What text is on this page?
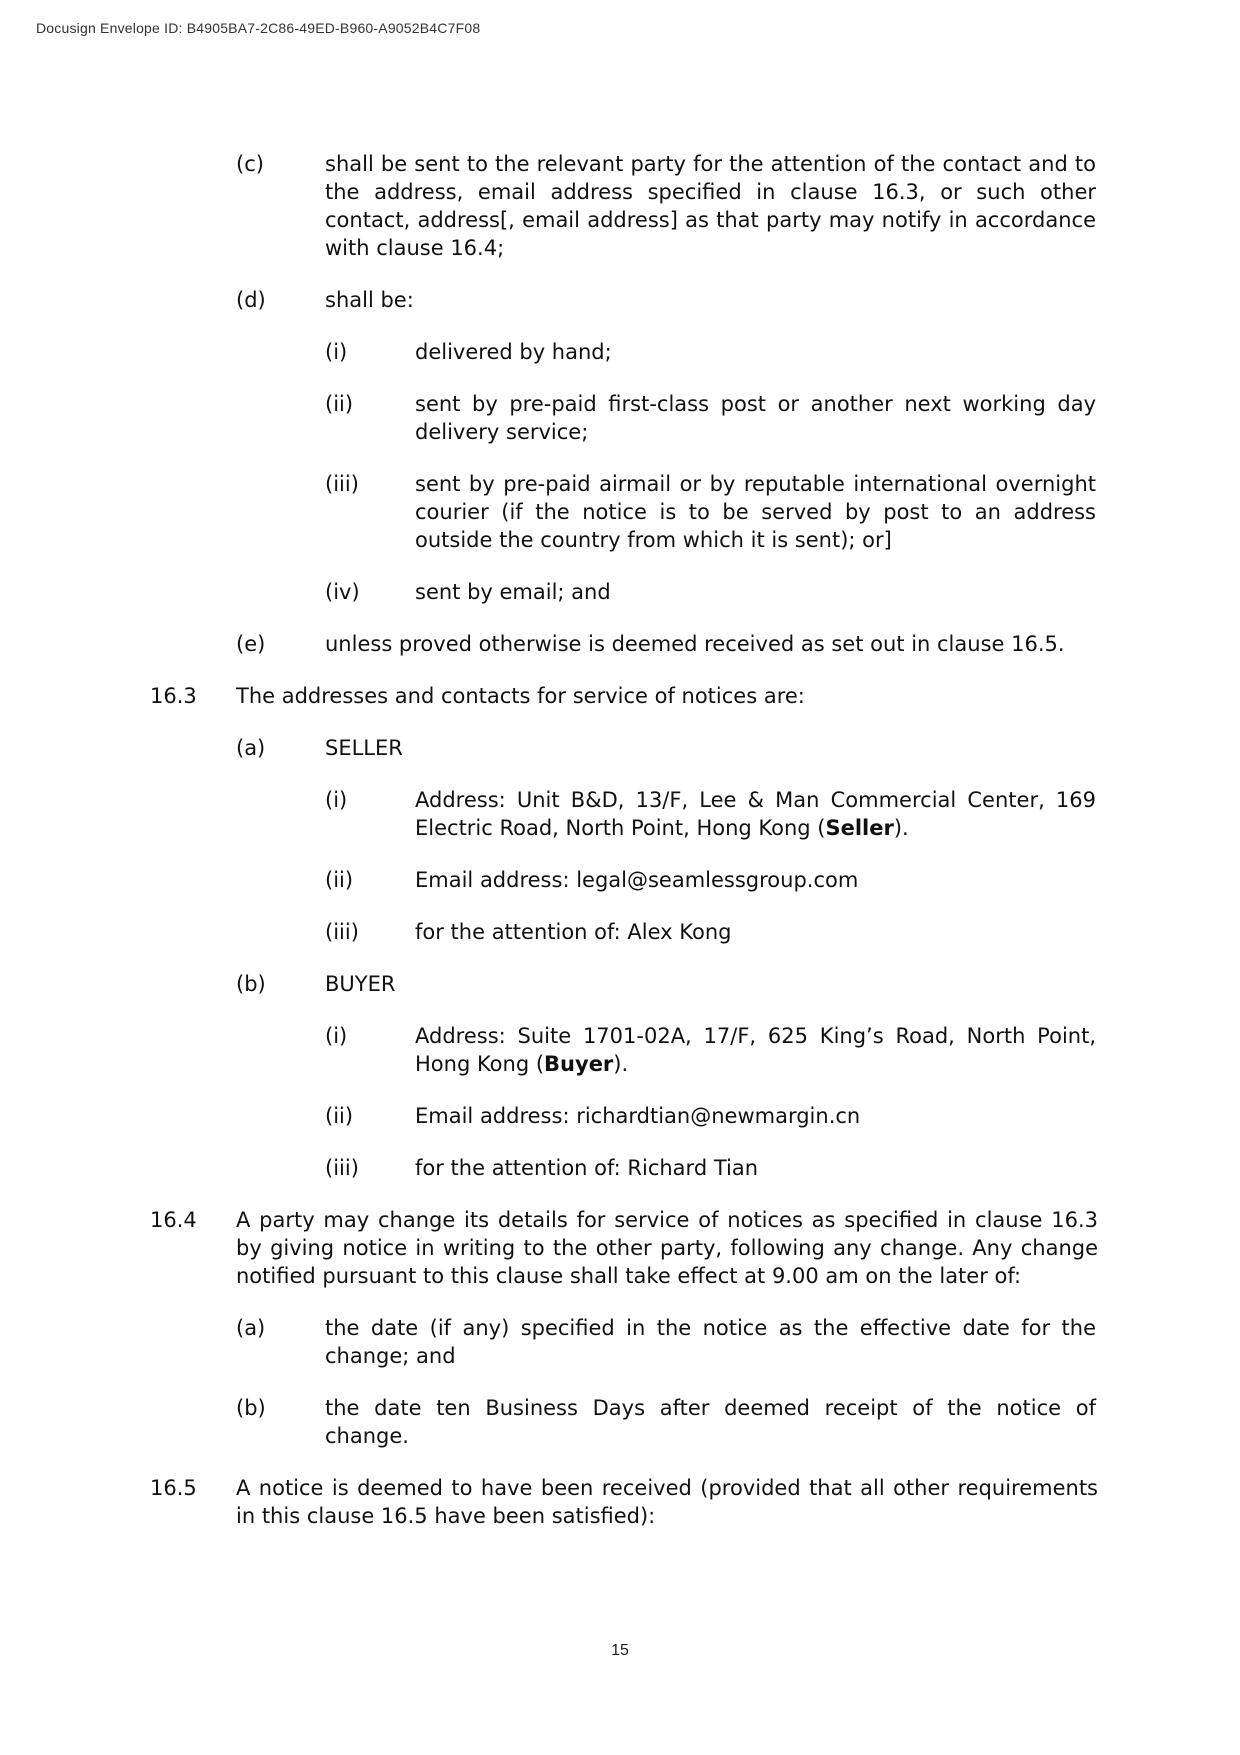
Docusign Envelope ID: B4905BA7-2C86-49ED-B960-A9052B4C7F08
(c)	shall be sent to the relevant party for the attention of the contact and to the address, email address specified in clause 16.3, or such other contact, address[, email address] as that party may notify in accordance with clause 16.4;
(d)	shall be:
(i)	delivered by hand;
(ii)	sent by pre-paid first-class post or another next working day delivery service;
(iii)	sent by pre-paid airmail or by reputable international overnight courier (if the notice is to be served by post to an address outside the country from which it is sent); or]
(iv)	sent by email; and
(e)	unless proved otherwise is deemed received as set out in clause 16.5.
16.3 The addresses and contacts for service of notices are:
(a)	SELLER
(i)	Address: Unit B&D, 13/F, Lee & Man Commercial Center, 169 Electric Road, North Point, Hong Kong (Seller).
(ii)	Email address: legal@seamlessgroup.com
(iii)	for the attention of: Alex Kong
(b)	BUYER
(i)	Address: Suite 1701-02A, 17/F, 625 King’s Road, North Point, Hong Kong (Buyer).
(ii)	Email address: richardtian@newmargin.cn
(iii)	for the attention of: Richard Tian
16.4 A party may change its details for service of notices as specified in clause 16.3 by giving notice in writing to the other party, following any change. Any change notified pursuant to this clause shall take effect at 9.00 am on the later of:
(a)	the date (if any) specified in the notice as the effective date for the change; and
(b)	the date ten Business Days after deemed receipt of the notice of change.
16.5 A notice is deemed to have been received (provided that all other requirements in this clause 16.5 have been satisfied):
15
